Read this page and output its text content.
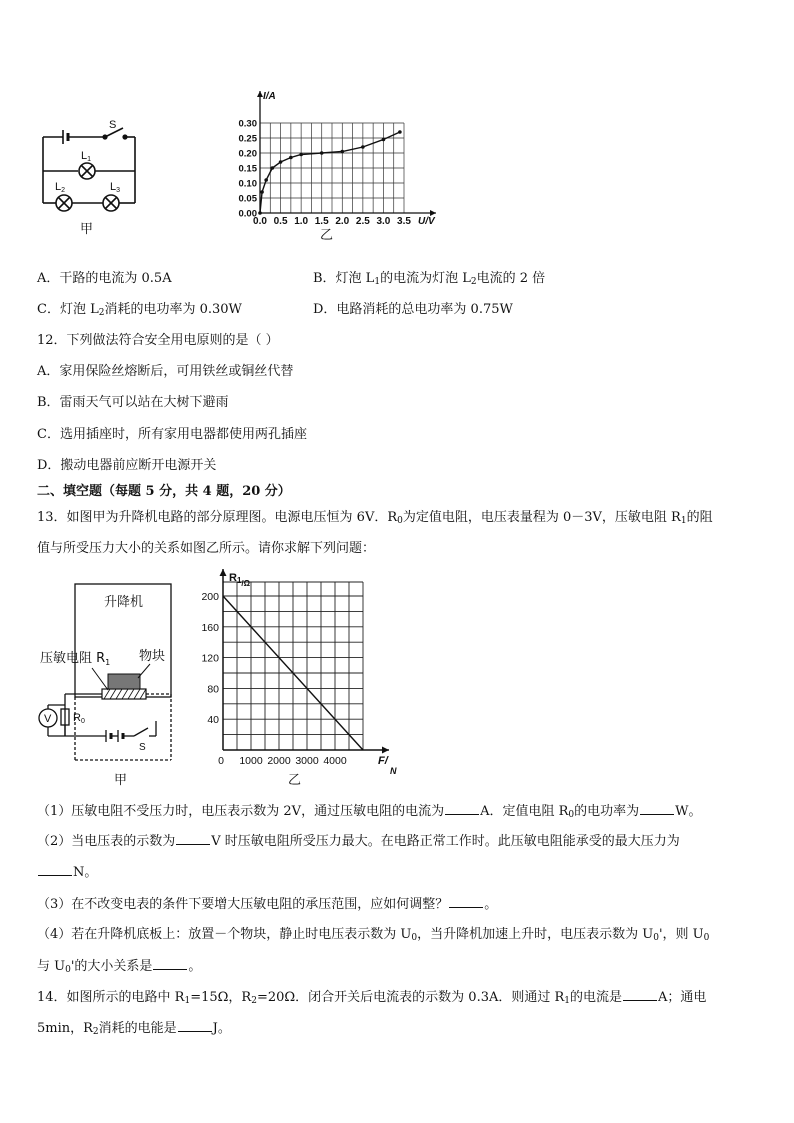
S
L1
L2	L3
甲
0.0 0.5 1.0 1.5 2.0 2.5 3.0 3.5
0.00
0.05
0.10
0.15
0.20
0.25
0.30
I/A
U/V
乙
A．干路的电流为 0.5A	B．灯泡 $L_1$的电流为灯泡 $L_2$电流的 2 倍
C．灯泡 $L_2$消耗的电功率为 0.30W	D．电路消耗的总电功率为 0.75W
12．下列做法符合安全用电原则的是（ ）
A．家用保险丝熔断后，可用铁丝或铜丝代替
B．雷雨天气可以站在大树下避雨
C．选用插座时，所有家用电器都使用两孔插座
D．搬动电器前应断开电源开关
二、填空题（每题 5 分，共 4 题，20 分）
13．如图甲为升降机电路的部分原理图。电源电压恒为 6V．$R_0$为定值电阻，电压表量程为 0－3V，压敏电阻 $R_1$的阻
值与所受压力大小的关系如图乙所示。请你求解下列问题：
升降机
压敏电阻 $R_1$ 物块
V R0
S
甲
40
80
120
160
200
0 1000 2000 3000 4000
$R1_{/\Omega}$
F/
N
乙
（1）压敏电阻不受压力时，电压表示数为 2V，通过压敏电阻的电流为	A．定值电阻 $R_0$的电功率为	W。
（2）当电压表的示数为	V 时压敏电阻所受压力最大。在电路正常工作时。此压敏电阻能承受的最大压力为
N。
（3）在不改变电表的条件下要增大压敏电阻的承压范围，应如何调整？	。
（4）若在升降机底板上：放置－个物块，静止时电压表示数为 $U_0$，当升降机加速上升时，电压表示数为 $U_0'$，则 $U_0$
与 $U_0'$的大小关系是	。
14．如图所示的电路中 $R_1=15\Omega$，$R_2=20\Omega$．闭合开关后电流表的示数为 0.3A．则通过 $R_1$的电流是	A；通电
5min，$R_2$消耗的电能是	J。
